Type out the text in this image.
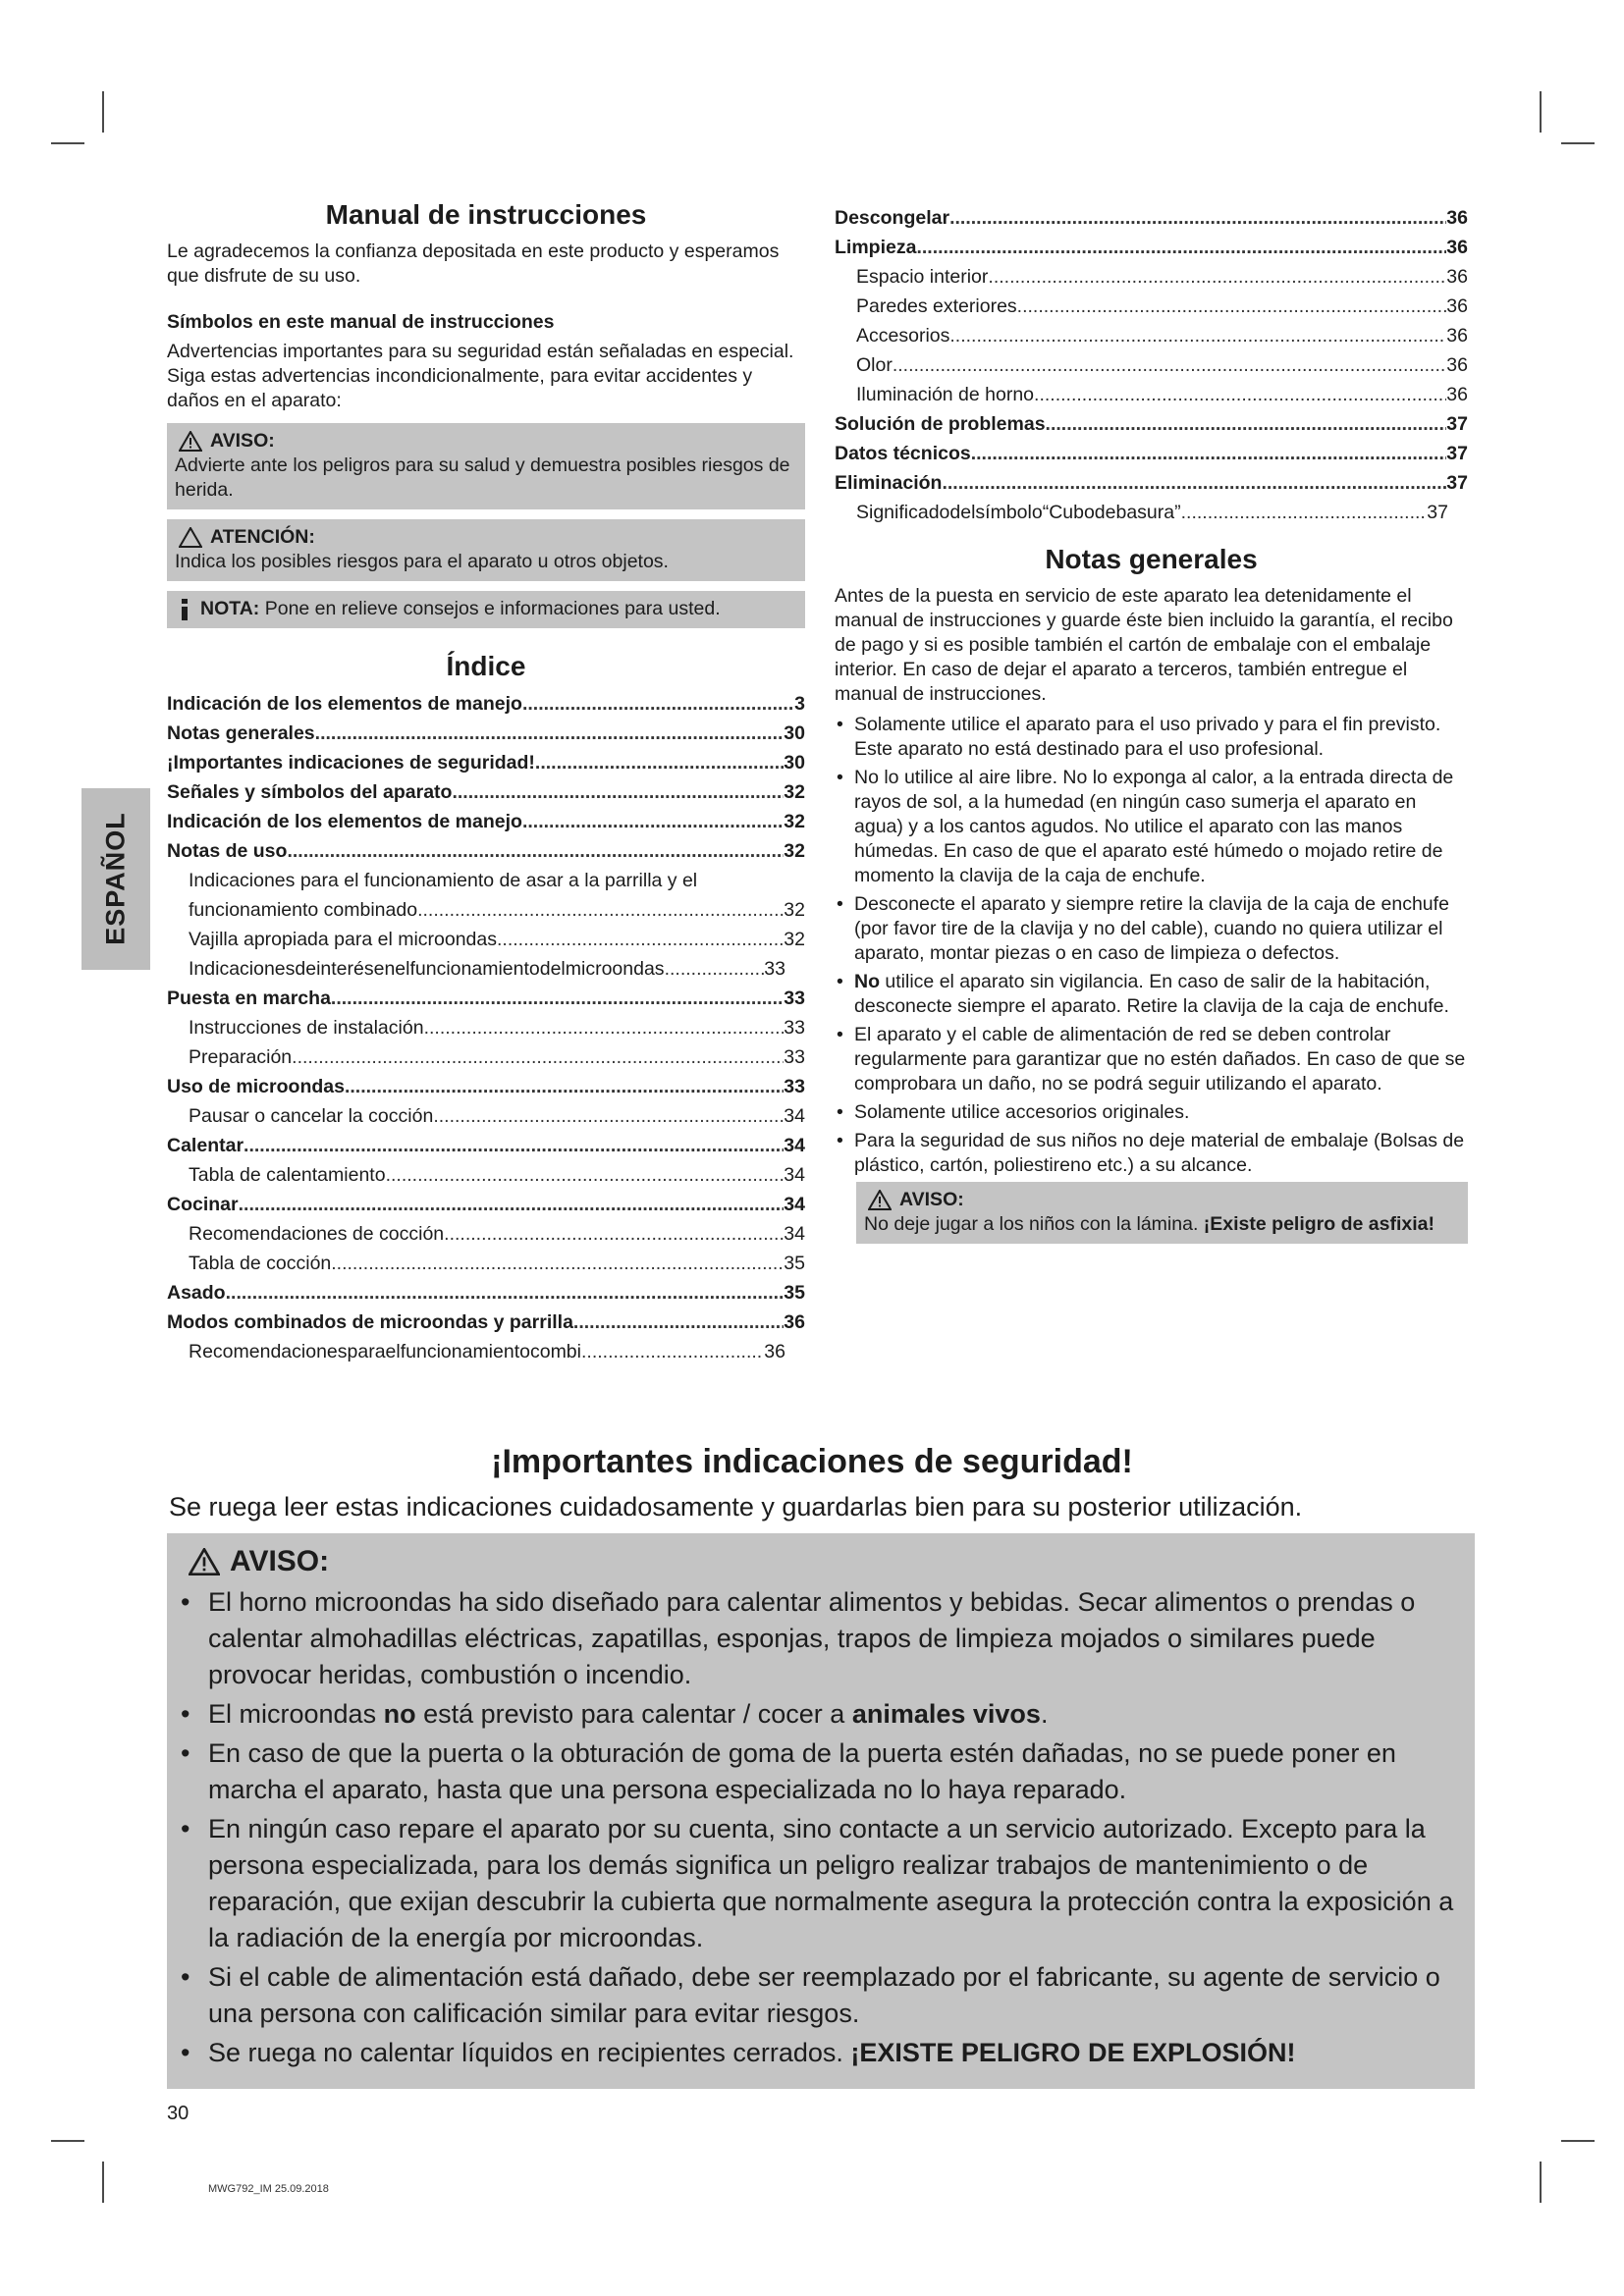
ESPAÑOL
Manual de instrucciones
Le agradecemos la confianza depositada en este producto y esperamos que disfrute de su uso.
Símbolos en este manual de instrucciones
Advertencias importantes para su seguridad están señaladas en especial. Siga estas advertencias incondicionalmente, para evitar accidentes y daños en el aparato:
AVISO:
Advierte ante los peligros para su salud y demuestra posibles riesgos de herida.
ATENCIÓN:
Indica los posibles riesgos para el aparato u otros objetos.
NOTA: Pone en relieve consejos e informaciones para usted.
Índice
Indicación de los elementos de manejo .....	3
Notas generales .....	30
¡Importantes indicaciones de seguridad! .....	30
Señales y símbolos del aparato .....	32
Indicación de los elementos de manejo .....	32
Notas de uso .....	32
Indicaciones para el funcionamiento de asar a la parrilla y el
funcionamiento combinado .....	32
Vajilla apropiada para el microondas .....	32
Indicacionesdeinterésenelfuncionamientodelmicroondas .....	33
Puesta en marcha .....	33
Instrucciones de instalación .....	33
Preparación .....	33
Uso de microondas .....	33
Pausar o cancelar la cocción .....	34
Calentar .....	34
Tabla de calentamiento .....	34
Cocinar .....	34
Recomendaciones de cocción .....	34
Tabla de cocción .....	35
Asado .....	35
Modos combinados de microondas y parrilla .....	36
Recomendacionesparaelfuncionamientocombi .....	36
Descongelar .....	36
Limpieza .....	36
Espacio interior .....	36
Paredes exteriores .....	36
Accesorios .....	36
Olor .....	36
Iluminación de horno .....	36
Solución de problemas .....	37
Datos técnicos .....	37
Eliminación .....	37
Significadodelsímbolo“Cubodebasura” .....	37
Notas generales
Antes de la puesta en servicio de este aparato lea detenidamente el manual de instrucciones y guarde éste bien incluido la garantía, el recibo de pago y si es posible también el cartón de embalaje con el embalaje interior. En caso de dejar el aparato a terceros, también entregue el manual de instrucciones.
• Solamente utilice el aparato para el uso privado y para el fin previsto. Este aparato no está destinado para el uso profesional.
• No lo utilice al aire libre. No lo exponga al calor, a la entrada directa de rayos de sol, a la humedad (en ningún caso sumerja el aparato en agua) y a los cantos agudos. No utilice el aparato con las manos húmedas. En caso de que el aparato esté húmedo o mojado retire de momento la clavija de la caja de enchufe.
• Desconecte el aparato y siempre retire la clavija de la caja de enchufe (por favor tire de la clavija y no del cable), cuando no quiera utilizar el aparato, montar piezas o en caso de limpieza o defectos.
• No utilice el aparato sin vigilancia. En caso de salir de la habitación, desconecte siempre el aparato. Retire la clavija de la caja de enchufe.
• El aparato y el cable de alimentación de red se deben controlar regularmente para garantizar que no estén dañados. En caso de que se comprobara un daño, no se podrá seguir utilizando el aparato.
• Solamente utilice accesorios originales.
• Para la seguridad de sus niños no deje material de embalaje (Bolsas de plástico, cartón, poliestireno etc.) a su alcance.
AVISO:
No deje jugar a los niños con la lámina. ¡Existe peligro de asfixia!
¡Importantes indicaciones de seguridad!
Se ruega leer estas indicaciones cuidadosamente y guardarlas bien para su posterior utilización.
AVISO:
• El horno microondas ha sido diseñado para calentar alimentos y bebidas. Secar alimentos o prendas o calentar almohadillas eléctricas, zapatillas, esponjas, trapos de limpieza mojados o similares puede provocar heridas, combustión o incendio.
• El microondas no está previsto para calentar / cocer a animales vivos.
• En caso de que la puerta o la obturación de goma de la puerta estén dañadas, no se puede poner en marcha el aparato, hasta que una persona especializada no lo haya reparado.
• En ningún caso repare el aparato por su cuenta, sino contacte a un servicio autorizado. Excepto para la persona especializada, para los demás significa un peligro realizar trabajos de mantenimiento o de reparación, que exijan descubrir la cubierta que normalmente asegura la protección contra la exposición a la radiación de la energía por microondas.
• Si el cable de alimentación está dañado, debe ser reemplazado por el fabricante, su agente de servicio o una persona con calificación similar para evitar riesgos.
• Se ruega no calentar líquidos en recipientes cerrados. ¡EXISTE PELIGRO DE EXPLOSIÓN!
30
MWG792_IM 25.09.2018
